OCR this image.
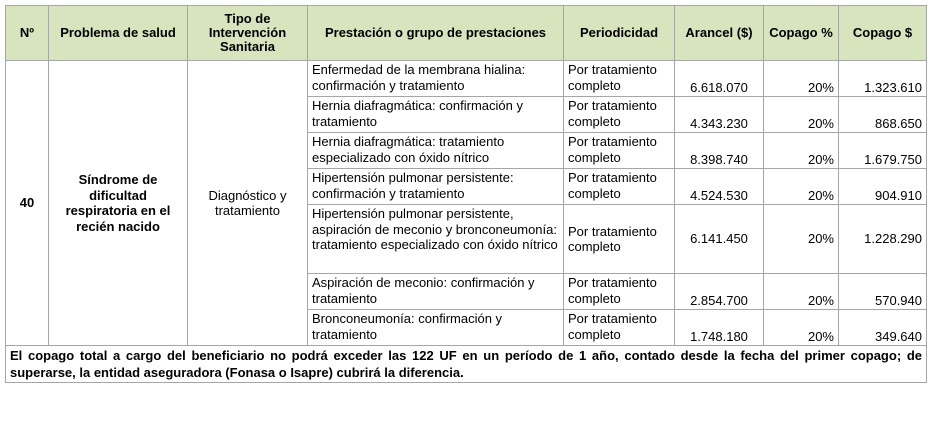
Nº	Problema de salud	Tipo de Intervención Sanitaria	Prestación o grupo de prestaciones	Periodicidad	Arancel ($)	Copago %	Copago $
40	Síndrome de dificultad respiratoria en el recién nacido	Diagnóstico y tratamiento	Enfermedad de la membrana hialina: confirmación y tratamiento	Por tratamiento completo	6.618.070	20%	1.323.610
			Hernia diafragmática: confirmación y tratamiento	Por tratamiento completo	4.343.230	20%	868.650
			Hernia diafragmática: tratamiento especializado con óxido nítrico	Por tratamiento completo	8.398.740	20%	1.679.750
			Hipertensión pulmonar persistente: confirmación y tratamiento	Por tratamiento completo	4.524.530	20%	904.910
			Hipertensión pulmonar persistente, aspiración de meconio y bronconeumonía: tratamiento especializado con óxido nítrico	Por tratamiento completo	6.141.450	20%	1.228.290
			Aspiración de meconio: confirmación y tratamiento	Por tratamiento completo	2.854.700	20%	570.940
			Bronconeumonía: confirmación y tratamiento	Por tratamiento completo	1.748.180	20%	349.640
El copago total a cargo del beneficiario no podrá exceder las 122 UF en un período de 1 año, contado desde la fecha del primer copago; de superarse, la entidad aseguradora (Fonasa o Isapre) cubrirá la diferencia.							
